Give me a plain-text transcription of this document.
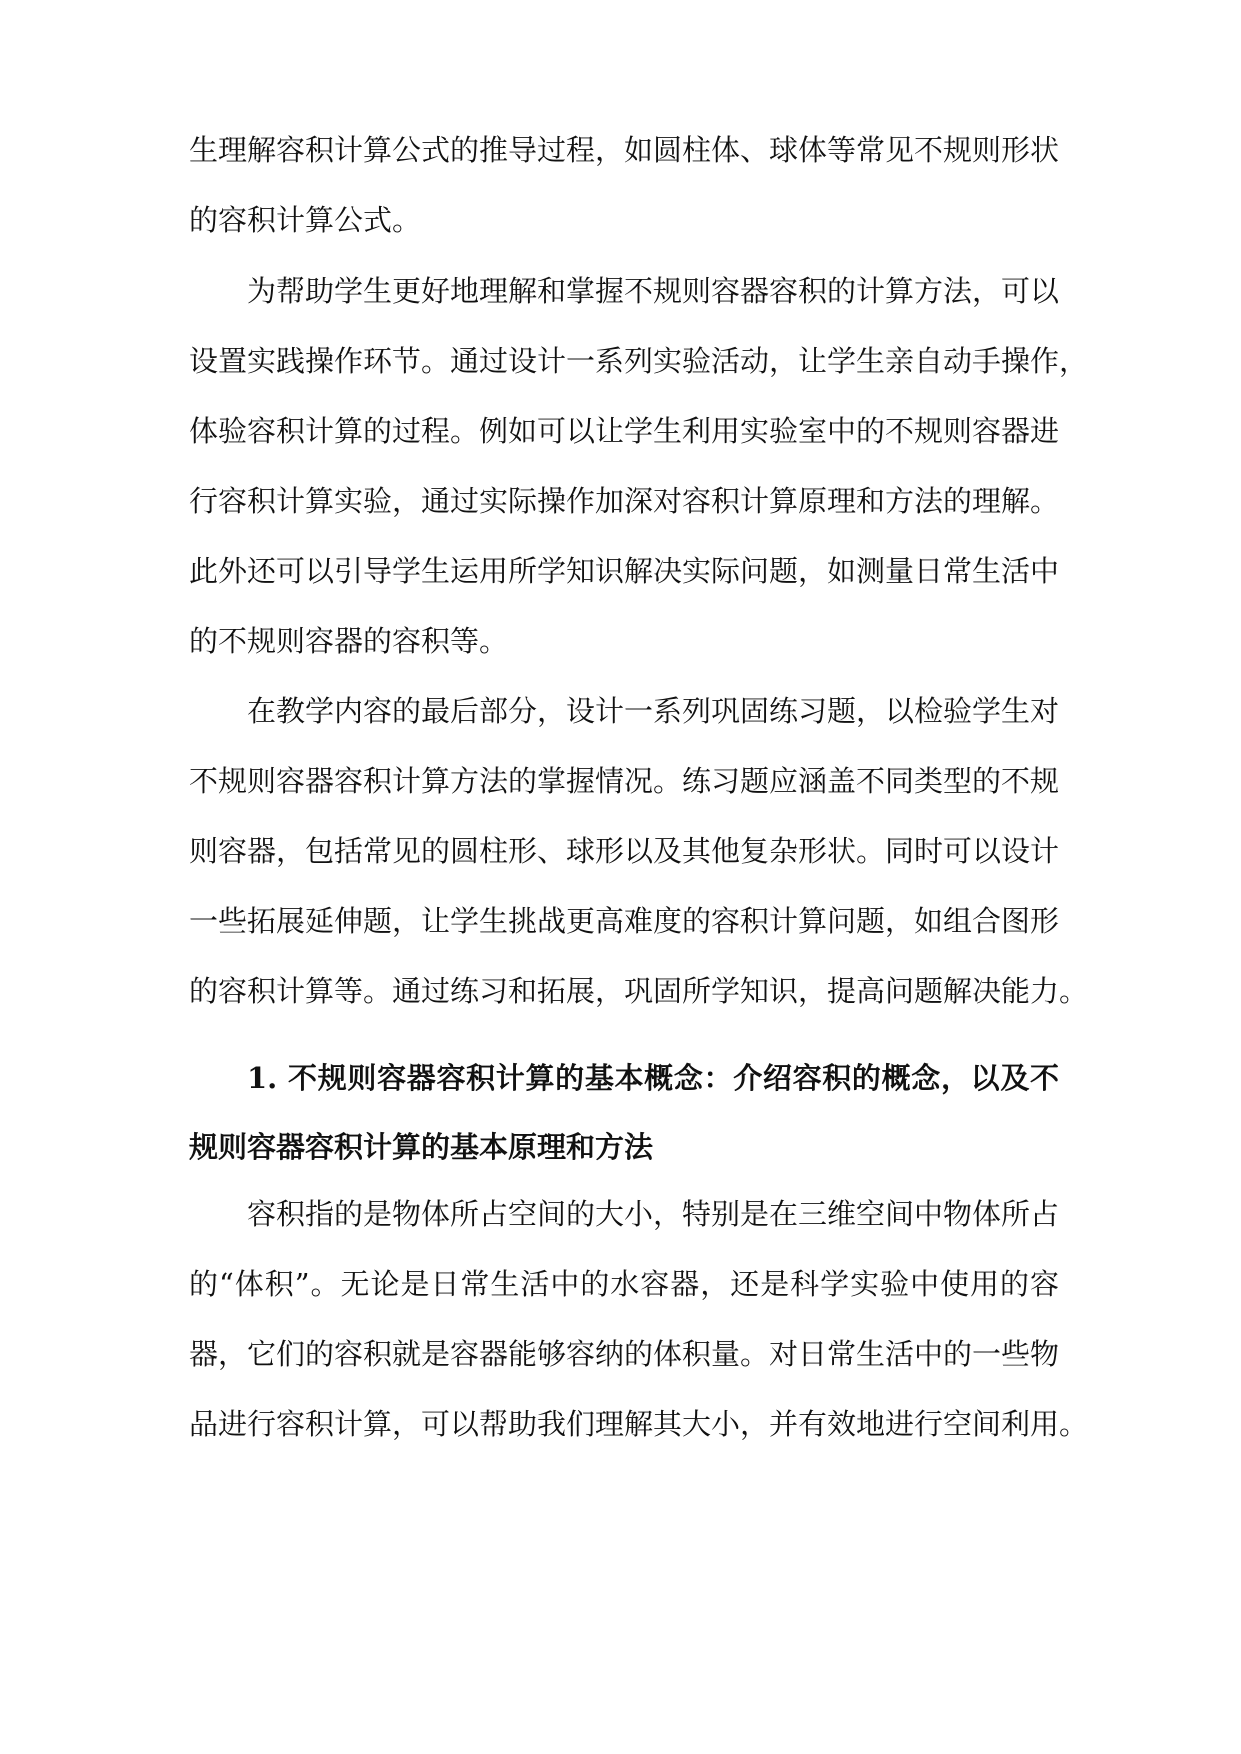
生理解容积计算公式的推导过程，如圆柱体、球体等常见不规则形状
的容积计算公式。
为帮助学生更好地理解和掌握不规则容器容积的计算方法，可以
设置实践操作环节。通过设计一系列实验活动，让学生亲自动手操作，
体验容积计算的过程。例如可以让学生利用实验室中的不规则容器进
行容积计算实验，通过实际操作加深对容积计算原理和方法的理解。
此外还可以引导学生运用所学知识解决实际问题，如测量日常生活中
的不规则容器的容积等。
在教学内容的最后部分，设计一系列巩固练习题，以检验学生对
不规则容器容积计算方法的掌握情况。练习题应涵盖不同类型的不规
则容器，包括常见的圆柱形、球形以及其他复杂形状。同时可以设计
一些拓展延伸题，让学生挑战更高难度的容积计算问题，如组合图形
的容积计算等。通过练习和拓展，巩固所学知识，提高问题解决能力。
1. 不规则容器容积计算的基本概念：介绍容积的概念，以及不
规则容器容积计算的基本原理和方法
容积指的是物体所占空间的大小，特别是在三维空间中物体所占
的“体积”。无论是日常生活中的水容器，还是科学实验中使用的容
器，它们的容积就是容器能够容纳的体积量。对日常生活中的一些物
品进行容积计算，可以帮助我们理解其大小，并有效地进行空间利用。
